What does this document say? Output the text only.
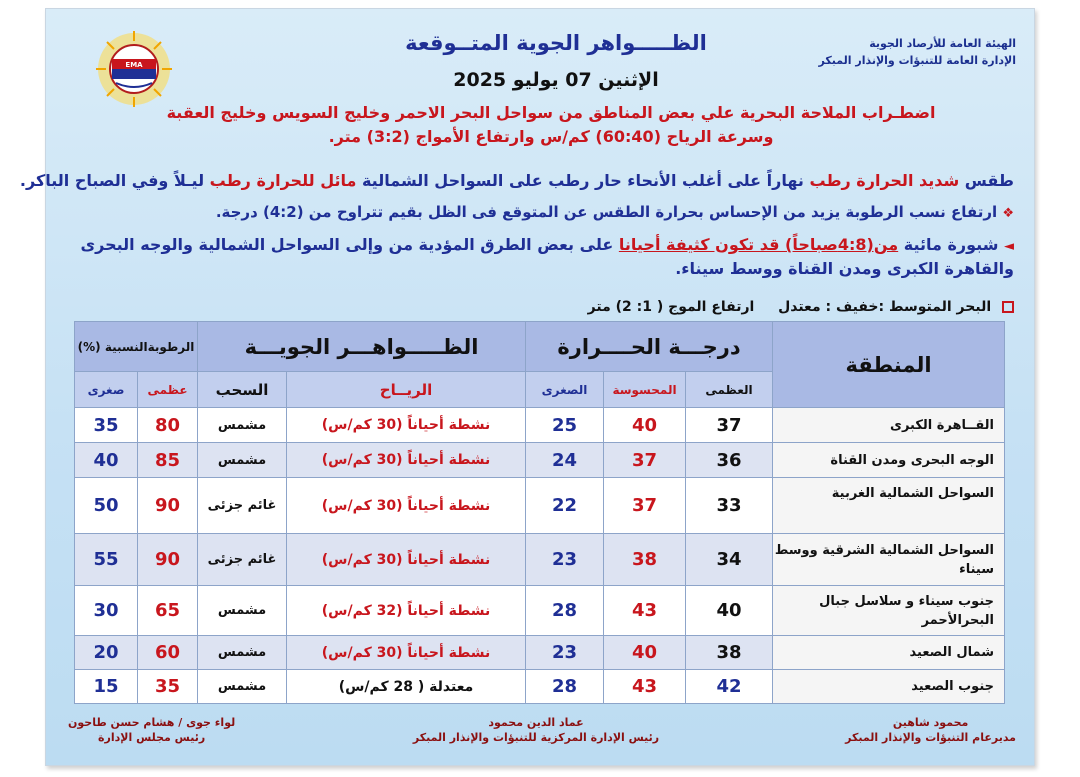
EMA
الهيئة العامة للأرصاد الجوية
الإدارة العامة للتنبؤات والإنذار المبكر
الظـــــواهر الجوية المتــوقعة
الإثنين 07 يوليو 2025
اضطـراب الملاحة البحرية علي بعض المناطق من سواحل البحر الاحمر وخليج السويس وخليج العقبة
وسرعة الرياح (60:40) كم/س وارتفاع الأمواج (3:2) متر.
طقس شديد الحرارة رطب نهاراً على أغلب الأنحاء حار رطب على السواحل الشمالية مائل للحرارة رطب ليـلاً وفي الصباح الباكر.
❖ ارتفاع نسب الرطوبة يزيد من الإحساس بحرارة الطقس عن المتوقع فى الظل بقيم تتراوح من (4:2) درجة.
◄ شبورة مائية من(4:8صباحاً) قد تكون كثيفة أحيانا على بعض الطرق المؤدية من وإلى السواحل الشمالية والوجه البحرى
والقاهرة الكبرى ومدن القناة ووسط سيناء.
البحر المتوسط :خفيف : معتدل  ارتفاع الموج ( 1: 2) متر
المنطقة	درجـــة الحــــرارة			الظـــــواهـــر الجويـــة		الرطوبةالنسبية (%)	
	العظمى	المحسوسة	الصغرى	الريــاح	السحب	عظمى	صغرى
القــاهرة الكبرى	37	40	25	نشطة أحياناً (30 كم/س)	مشمس	80	35
الوجه البحرى ومدن القناة	36	37	24	نشطة أحياناً (30 كم/س)	مشمس	85	40
السواحل الشمالية الغربية	33	37	22	نشطة أحياناً (30 كم/س)	غائم جزئى	90	50
السواحل الشمالية الشرقية ووسط سيناء	34	38	23	نشطة أحياناً (30 كم/س)	غائم جزئى	90	55
جنوب سيناء و سلاسل جبال البحرالأحمر	40	43	28	نشطة أحياناً (32 كم/س)	مشمس	65	30
شمال الصعيد	38	40	23	نشطة أحياناً (30 كم/س)	مشمس	60	20
جنوب الصعيد	42	43	28	معتدلة ( 28 كم/س)	مشمس	35	15
محمود شاهين
مديرعام التنبؤات والإنذار المبكر
عماد الدين محمود
رئيس الإدارة المركزية للتنبؤات والإنذار المبكر
لواء جوى / هشام حسن طاحون
رئيس مجلس الإدارة
